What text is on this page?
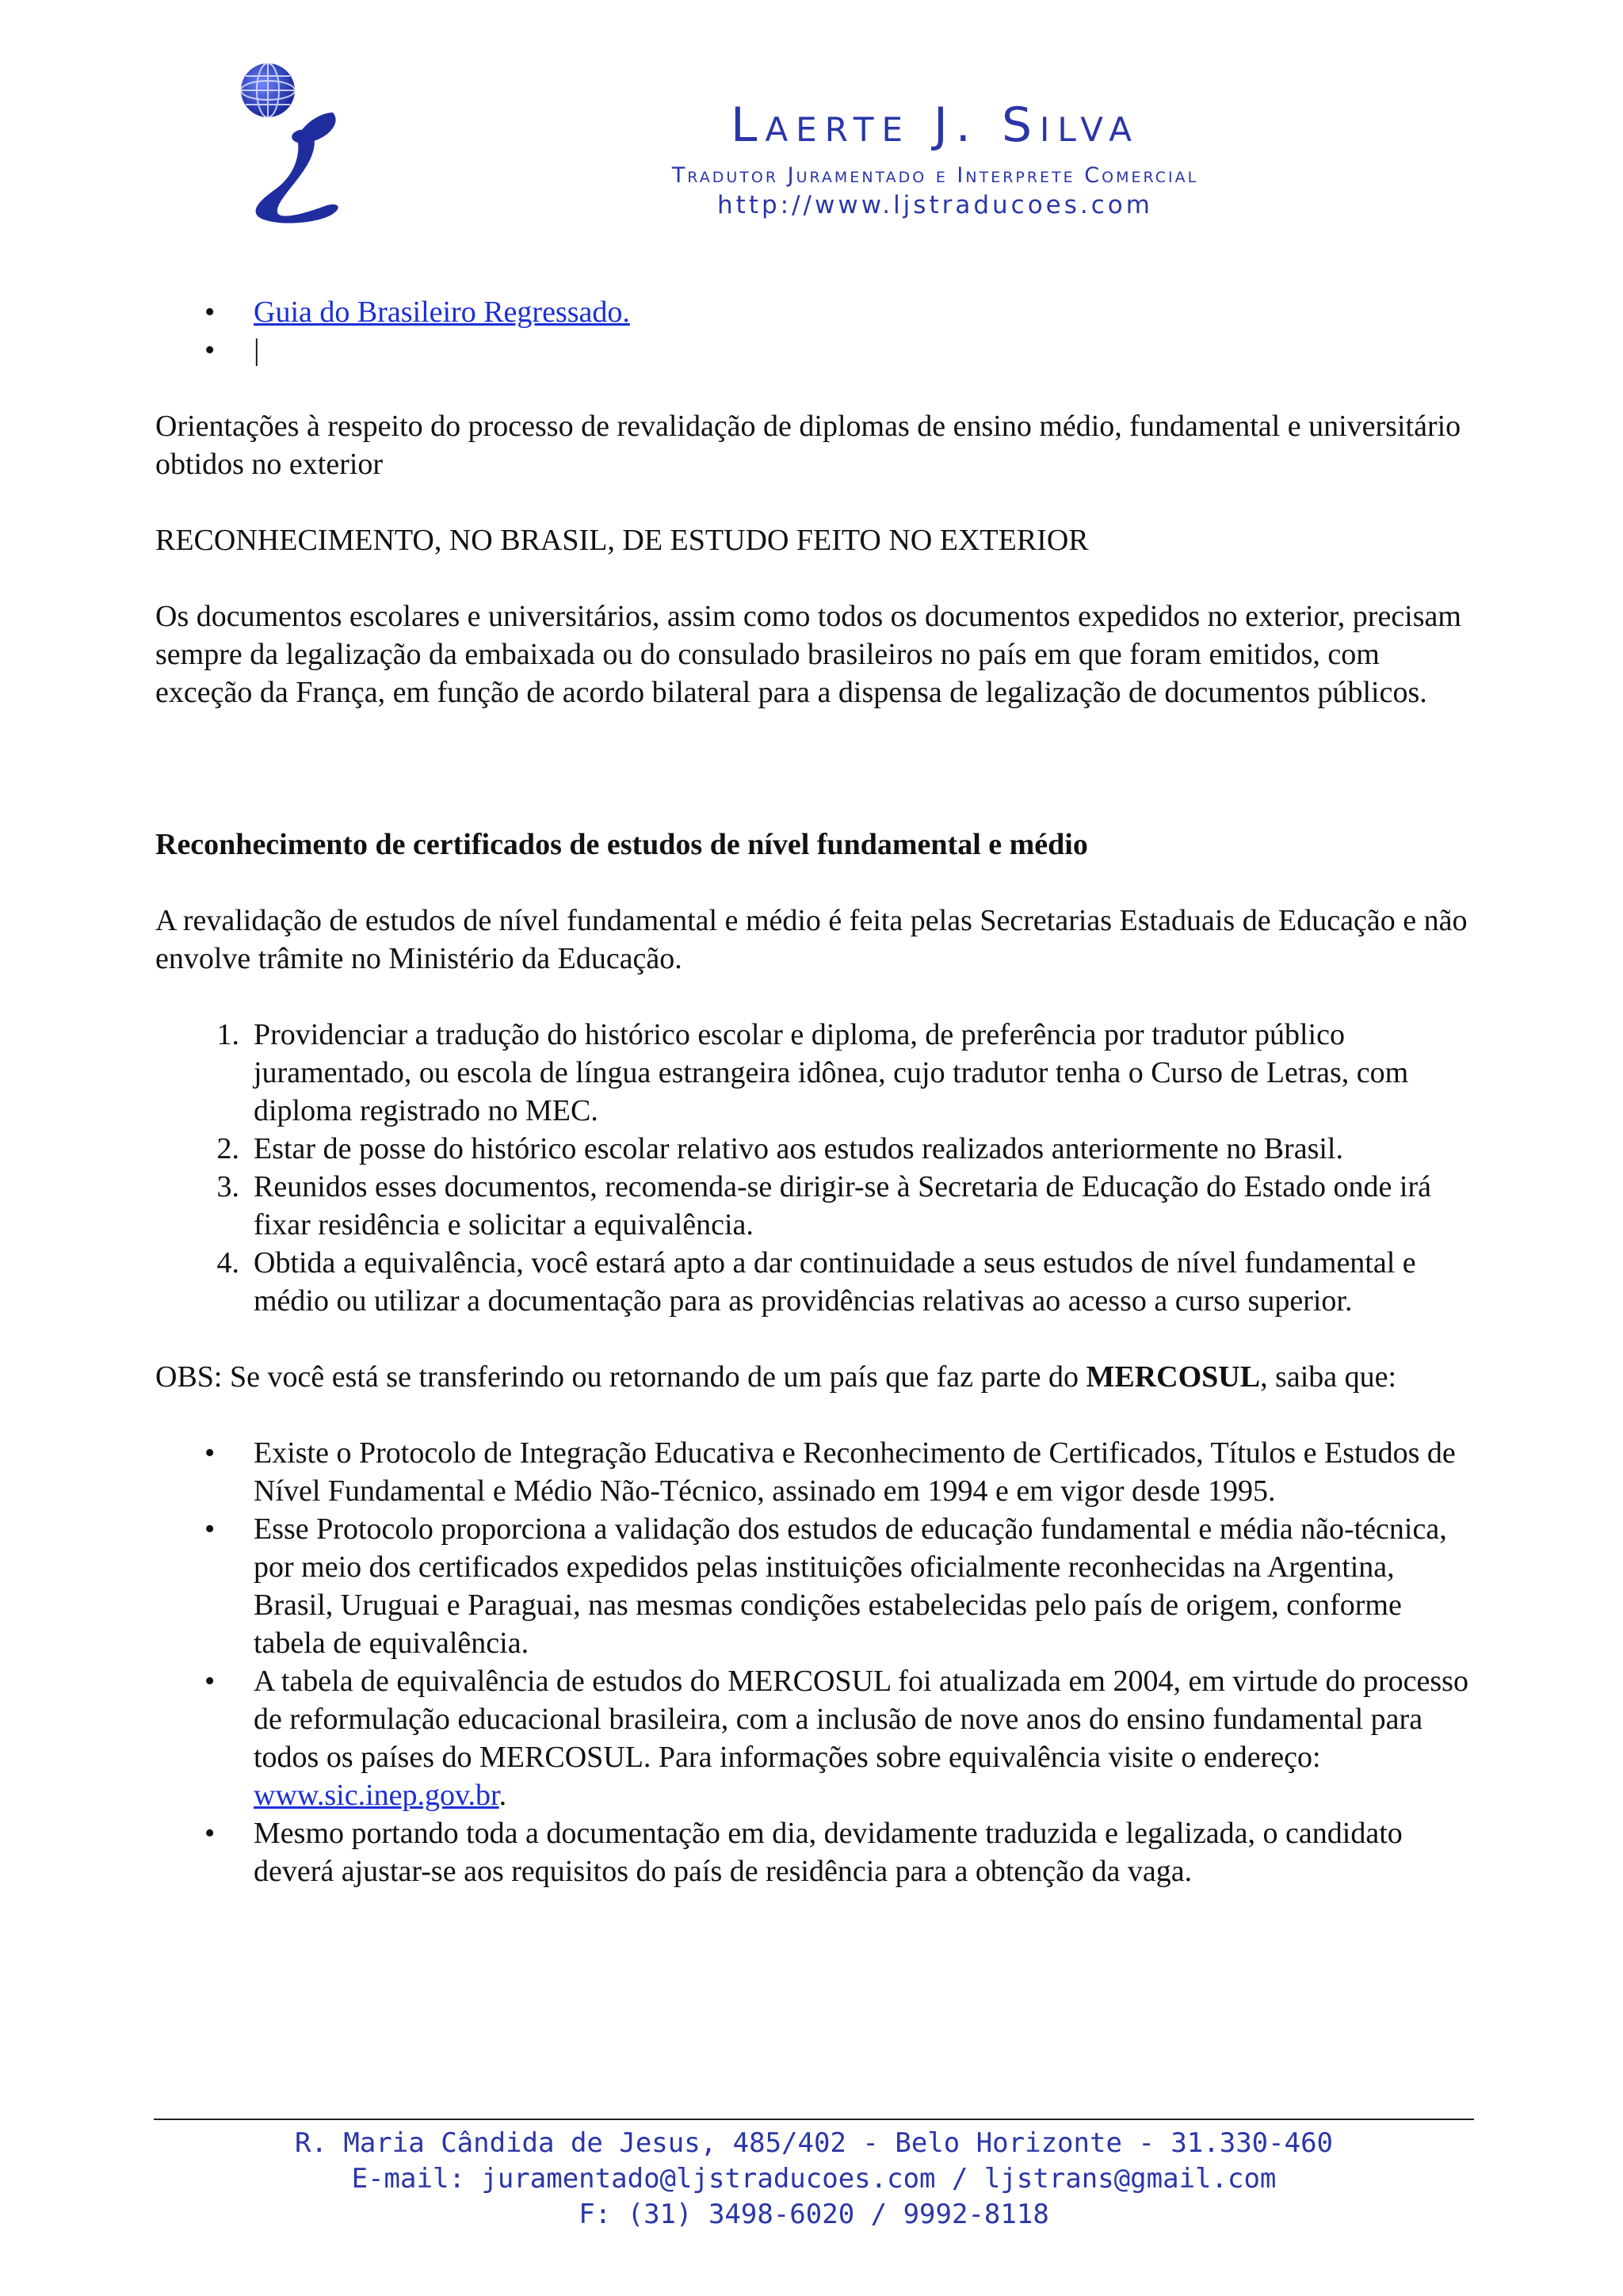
Laerte J. Silva
Tradutor Juramentado e Interprete Comercial
http://www.ljstraducoes.com
• Guia do Brasileiro Regressado.
• |

Orientações à respeito do processo de revalidação de diplomas de ensino médio, fundamental e universitário obtidos no exterior

RECONHECIMENTO, NO BRASIL, DE ESTUDO FEITO NO EXTERIOR

Os documentos escolares e universitários, assim como todos os documentos expedidos no exterior, precisam sempre da legalização da embaixada ou do consulado brasileiros no país em que foram emitidos, com exceção da França, em função de acordo bilateral para a dispensa de legalização de documentos públicos.

Reconhecimento de certificados de estudos de nível fundamental e médio

A revalidação de estudos de nível fundamental e médio é feita pelas Secretarias Estaduais de Educação e não envolve trâmite no Ministério da Educação.

1. Providenciar a tradução do histórico escolar e diploma, de preferência por tradutor público juramentado, ou escola de língua estrangeira idônea, cujo tradutor tenha o Curso de Letras, com diploma registrado no MEC.
2. Estar de posse do histórico escolar relativo aos estudos realizados anteriormente no Brasil.
3. Reunidos esses documentos, recomenda-se dirigir-se à Secretaria de Educação do Estado onde irá fixar residência e solicitar a equivalência.
4. Obtida a equivalência, você estará apto a dar continuidade a seus estudos de nível fundamental e médio ou utilizar a documentação para as providências relativas ao acesso a curso superior.

OBS: Se você está se transferindo ou retornando de um país que faz parte do MERCOSUL, saiba que:

• Existe o Protocolo de Integração Educativa e Reconhecimento de Certificados, Títulos e Estudos de Nível Fundamental e Médio Não-Técnico, assinado em 1994 e em vigor desde 1995.
• Esse Protocolo proporciona a validação dos estudos de educação fundamental e média não-técnica, por meio dos certificados expedidos pelas instituições oficialmente reconhecidas na Argentina, Brasil, Uruguai e Paraguai, nas mesmas condições estabelecidas pelo país de origem, conforme tabela de equivalência.
• A tabela de equivalência de estudos do MERCOSUL foi atualizada em 2004, em virtude do processo de reformulação educacional brasileira, com a inclusão de nove anos do ensino fundamental para todos os países do MERCOSUL. Para informações sobre equivalência visite o endereço: www.sic.inep.gov.br.
• Mesmo portando toda a documentação em dia, devidamente traduzida e legalizada, o candidato deverá ajustar-se aos requisitos do país de residência para a obtenção da vaga.
R. Maria Cândida de Jesus, 485/402 - Belo Horizonte - 31.330-460
E-mail: juramentado@ljstraducoes.com / ljstrans@gmail.com
F: (31) 3498-6020 / 9992-8118
